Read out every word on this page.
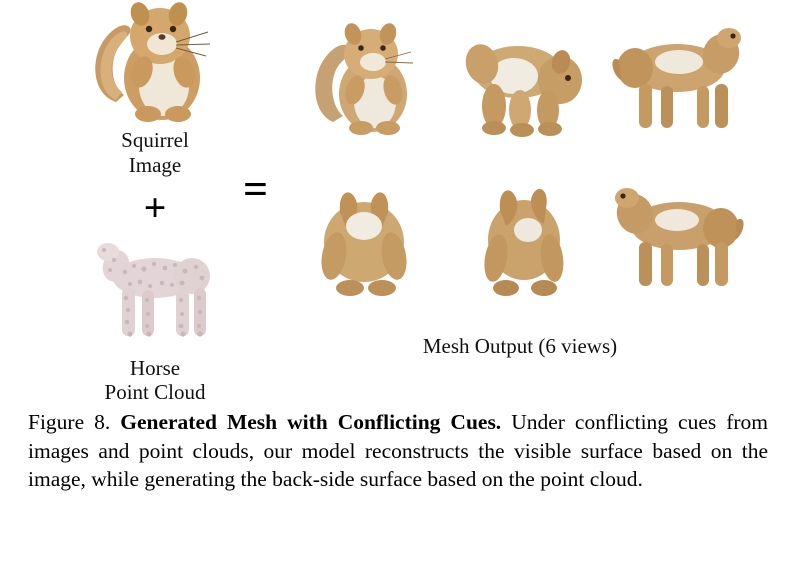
Squirrel
Image
+
Horse
Point Cloud
=
Mesh Output (6 views)
Figure 8. Generated Mesh with Conflicting Cues. Under conflicting cues from images and point clouds, our model reconstructs the visible surface based on the image, while generating the back-side surface based on the point cloud.
